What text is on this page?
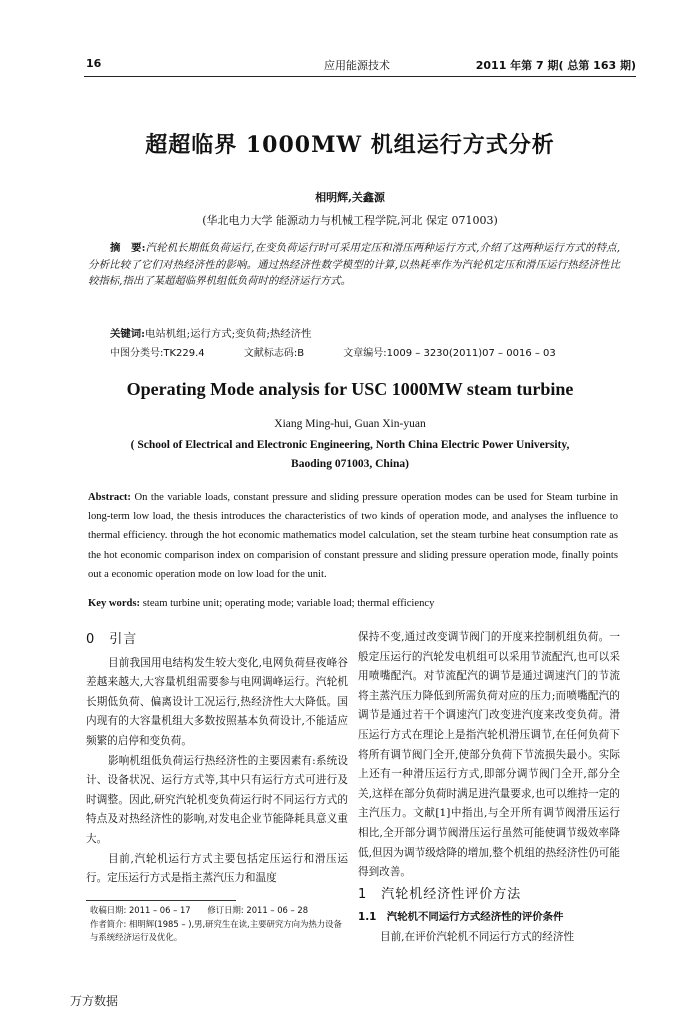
16	应用能源技术	2011 年第 7 期( 总第 163 期)
超超临界 1000MW 机组运行方式分析
相明辉,关鑫源
(华北电力大学 能源动力与机械工程学院,河北 保定 071003)
摘　要:汽轮机长期低负荷运行,在变负荷运行时可采用定压和滑压两种运行方式,介绍了这两种运行方式的特点,分析比较了它们对热经济性的影响。通过热经济性数学模型的计算,以热耗率作为汽轮机定压和滑压运行热经济性比较指标,指出了某超超临界机组低负荷时的经济运行方式。
关键词:电站机组;运行方式;变负荷;热经济性
中图分类号:TK229.4	文献标志码:B	文章编号:1009 – 3230(2011)07 – 0016 – 03
Operating Mode analysis for USC 1000MW steam turbine
Xiang Ming-hui, Guan Xin-yuan
( School of Electrical and Electronic Engineering, North China Electric Power University, Baoding 071003, China)
Abstract: On the variable loads, constant pressure and sliding pressure operation modes can be used for Steam turbine in long-term low load, the thesis introduces the characteristics of two kinds of operation mode, and analyses the influence to thermal efficiency. through the hot economic mathematics model calculation, set the steam turbine heat consumption rate as the hot economic comparison index on comparision of constant pressure and sliding pressure operation mode, finally points out a economic operation mode on low load for the unit.
Key words: steam turbine unit; operating mode; variable load; thermal efficiency
0　引言

目前我国用电结构发生较大变化,电网负荷昼夜峰谷差越来越大,大容量机组需要参与电网调峰运行。汽轮机长期低负荷、偏离设计工况运行,热经济性大大降低。国内现有的大容量机组大多数按照基本负荷设计,不能适应频繁的启停和变负荷。

影响机组低负荷运行热经济性的主要因素有:系统设计、设备状况、运行方式等,其中只有运行方式可进行及时调整。因此,研究汽轮机变负荷运行时不同运行方式的特点及对热经济性的影响,对发电企业节能降耗具意义重大。

目前,汽轮机运行方式主要包括定压运行和滑压运行。定压运行方式是指主蒸汽压力和温度

保持不变,通过改变调节阀门的开度来控制机组负荷。一般定压运行的汽轮发电机组可以采用节流配汽,也可以采用喷嘴配汽。对节流配汽的调节是通过调速汽门的节流将主蒸汽压力降低到所需负荷对应的压力;而喷嘴配汽的调节是通过若干个调速汽门改变进汽度来改变负荷。滑压运行方式在理论上是指汽轮机滑压调节,在任何负荷下将所有调节阀门全开,使部分负荷下节流损失最小。实际上还有一种滑压运行方式,即部分调节阀门全开,部分全关,这样在部分负荷时满足进汽量要求,也可以维持一定的主汽压力。文献[1]中指出,与全开所有调节阀滑压运行相比,全开部分调节阀滑压运行虽然可能使调节级效率降低,但因为调节级焓降的增加,整个机组的热经济性仍可能得到改善。

1　汽轮机经济性评价方法
1.1　汽轮机不同运行方式经济性的评价条件

目前,在评价汽轮机不同运行方式的经济性

收稿日期: 2011 – 06 – 17　　修订日期: 2011 – 06 – 28

作者简介: 相明辉(1985 – ),男,研究生在读,主要研究方向为热力设备与系统经济运行及优化。

万方数据
